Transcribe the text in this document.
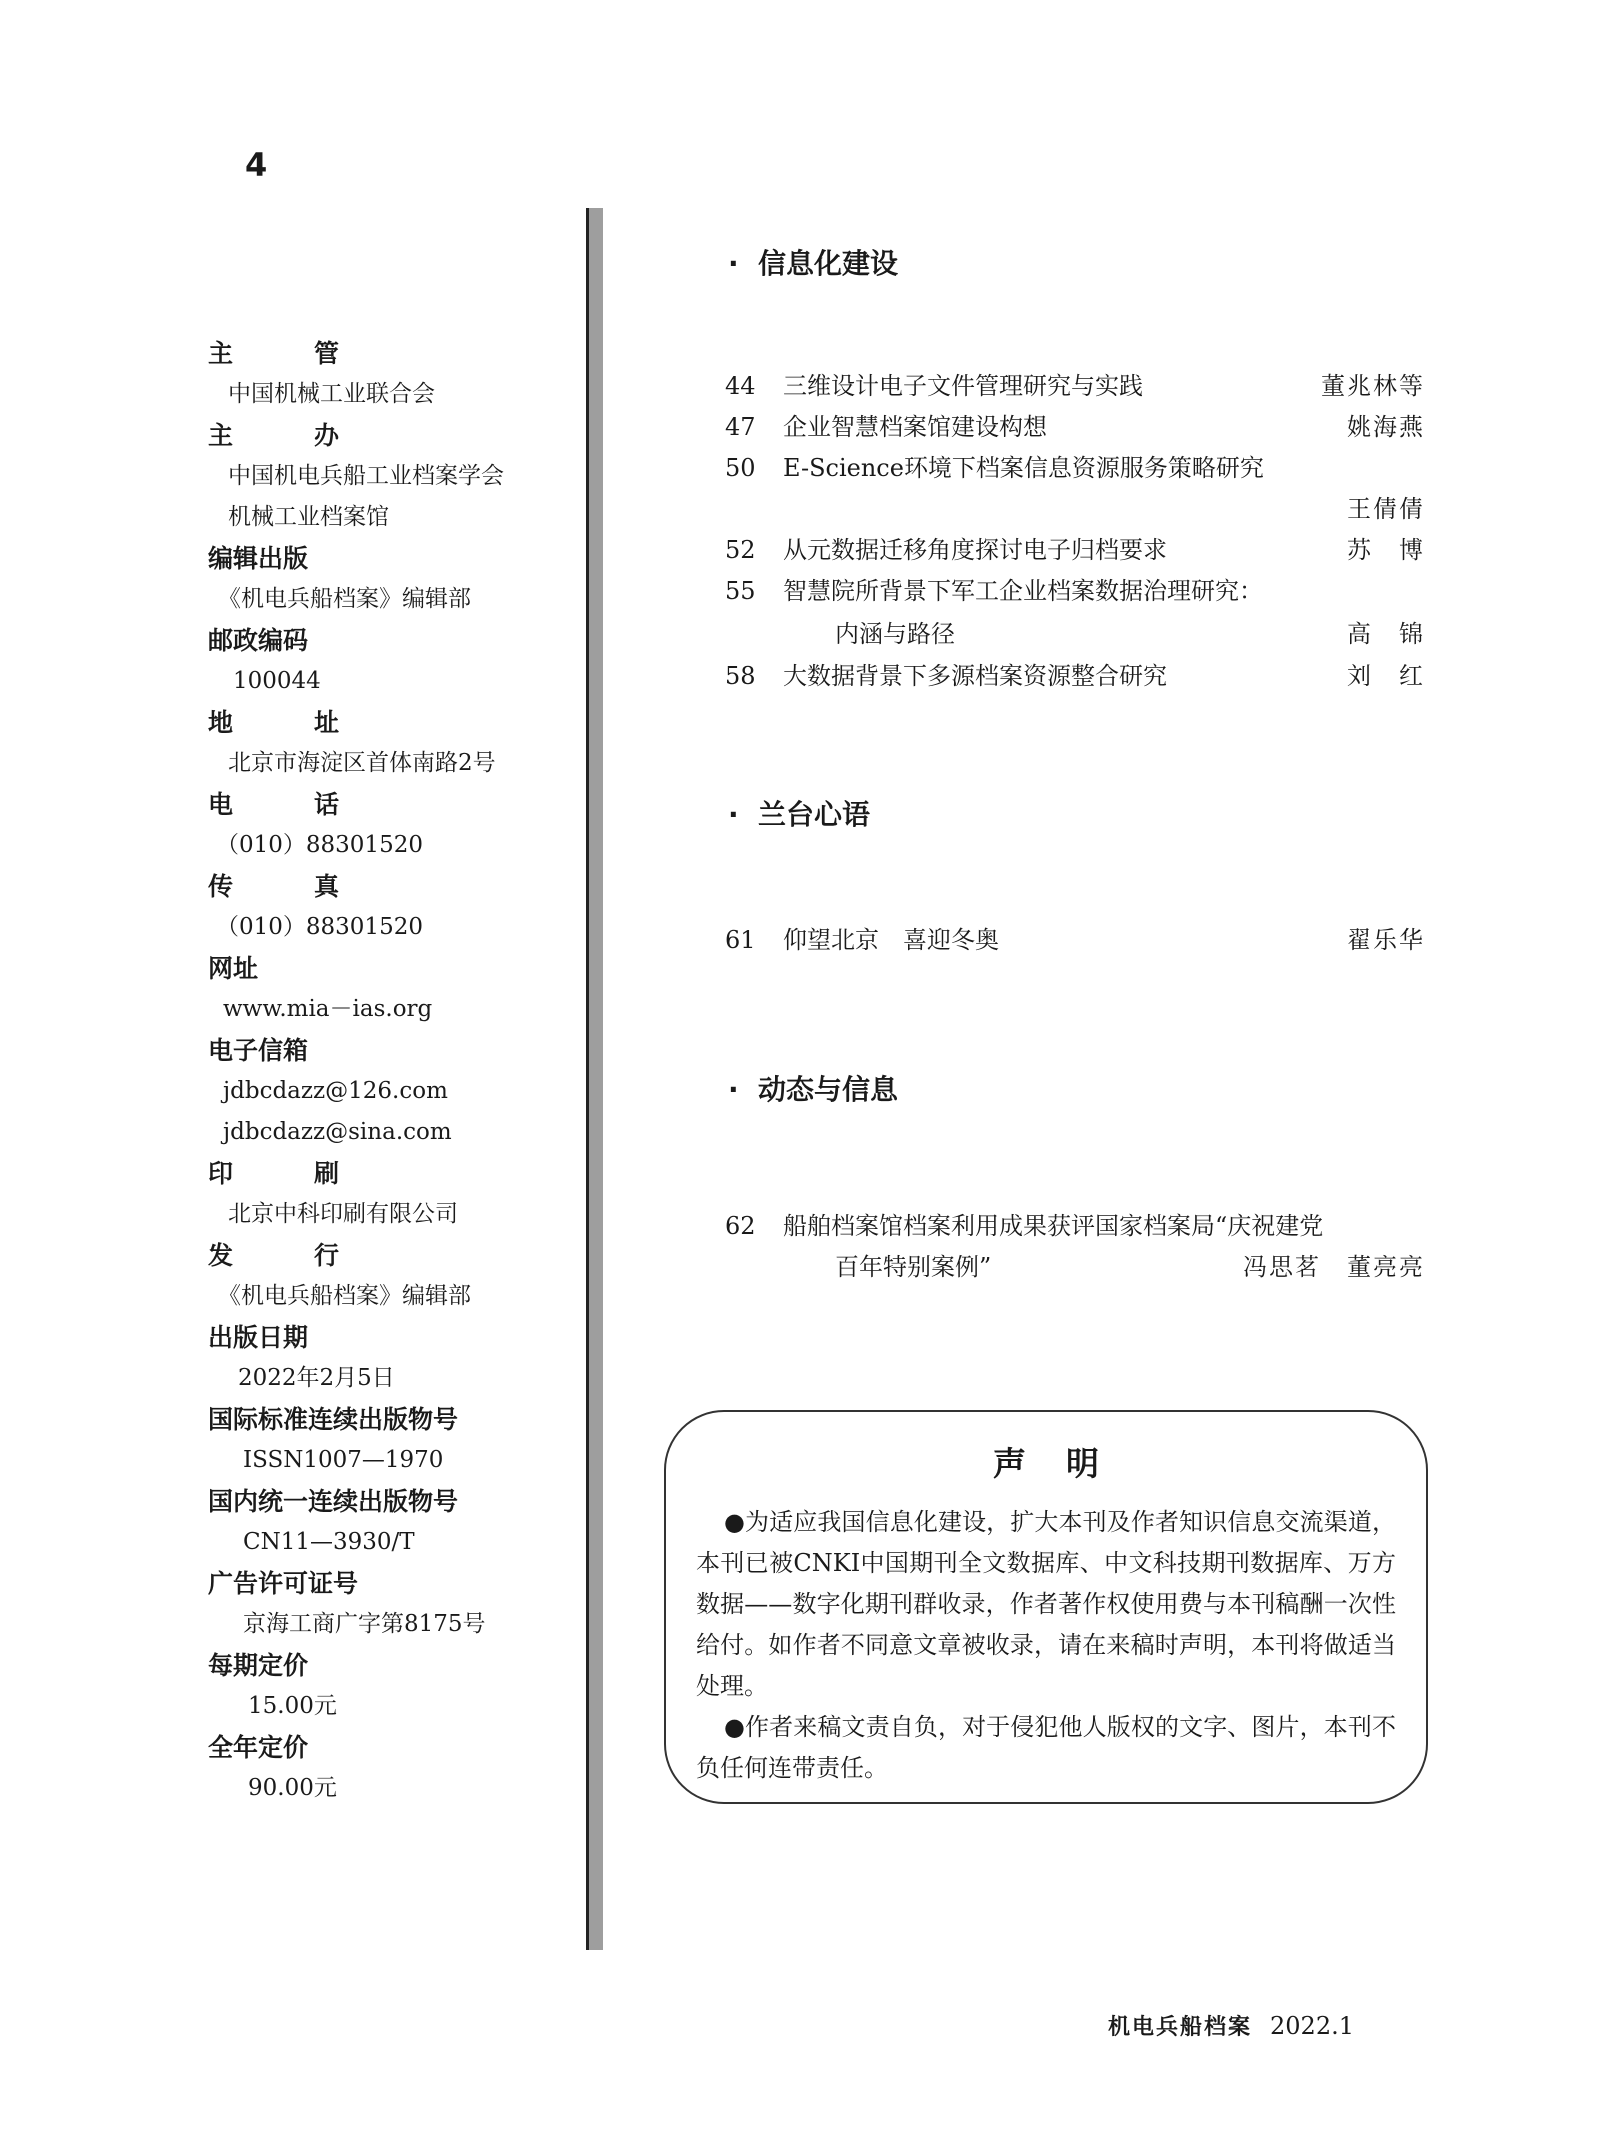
4
主　管
中国机械工业联合会
主　办
中国机电兵船工业档案学会
机械工业档案馆
编辑出版
《机电兵船档案》编辑部
邮政编码
100044
地　址
北京市海淀区首体南路2号
电　话
（010）88301520
传　真
（010）88301520
网址
www.mia－ias.org
电子信箱
jdbcdazz@126.com
jdbcdazz@sina.com
印　刷
北京中科印刷有限公司
发　行
《机电兵船档案》编辑部
出版日期
2022年2月5日
国际标准连续出版物号
ISSN1007—1970
国内统一连续出版物号
CN11—3930/T
广告许可证号
京海工商广字第8175号
每期定价
15.00元
全年定价
90.00元
· 信息化建设
44 三维设计电子文件管理研究与实践	董兆林等
47 企业智慧档案馆建设构想	姚海燕
50 E-Science环境下档案信息资源服务策略研究
王倩倩
52 从元数据迁移角度探讨电子归档要求	苏　博
55 智慧院所背景下军工企业档案数据治理研究：
内涵与路径	高　锦
58 大数据背景下多源档案资源整合研究	刘　红
· 兰台心语
61 仰望北京　喜迎冬奥	翟乐华
· 动态与信息
62 船舶档案馆档案利用成果获评国家档案局“庆祝建党
百年特别案例”	冯思茗　董亮亮
声明

●为适应我国信息化建设，扩大本刊及作者知识信息交流渠道，本刊已被CNKI中国期刊全文数据库、中文科技期刊数据库、万方数据——数字化期刊群收录，作者著作权使用费与本刊稿酬一次性给付。如作者不同意文章被收录，请在来稿时声明，本刊将做适当处理。

●作者来稿文责自负，对于侵犯他人版权的文字、图片，本刊不负任何连带责任。

机电兵船档案 2022.1
